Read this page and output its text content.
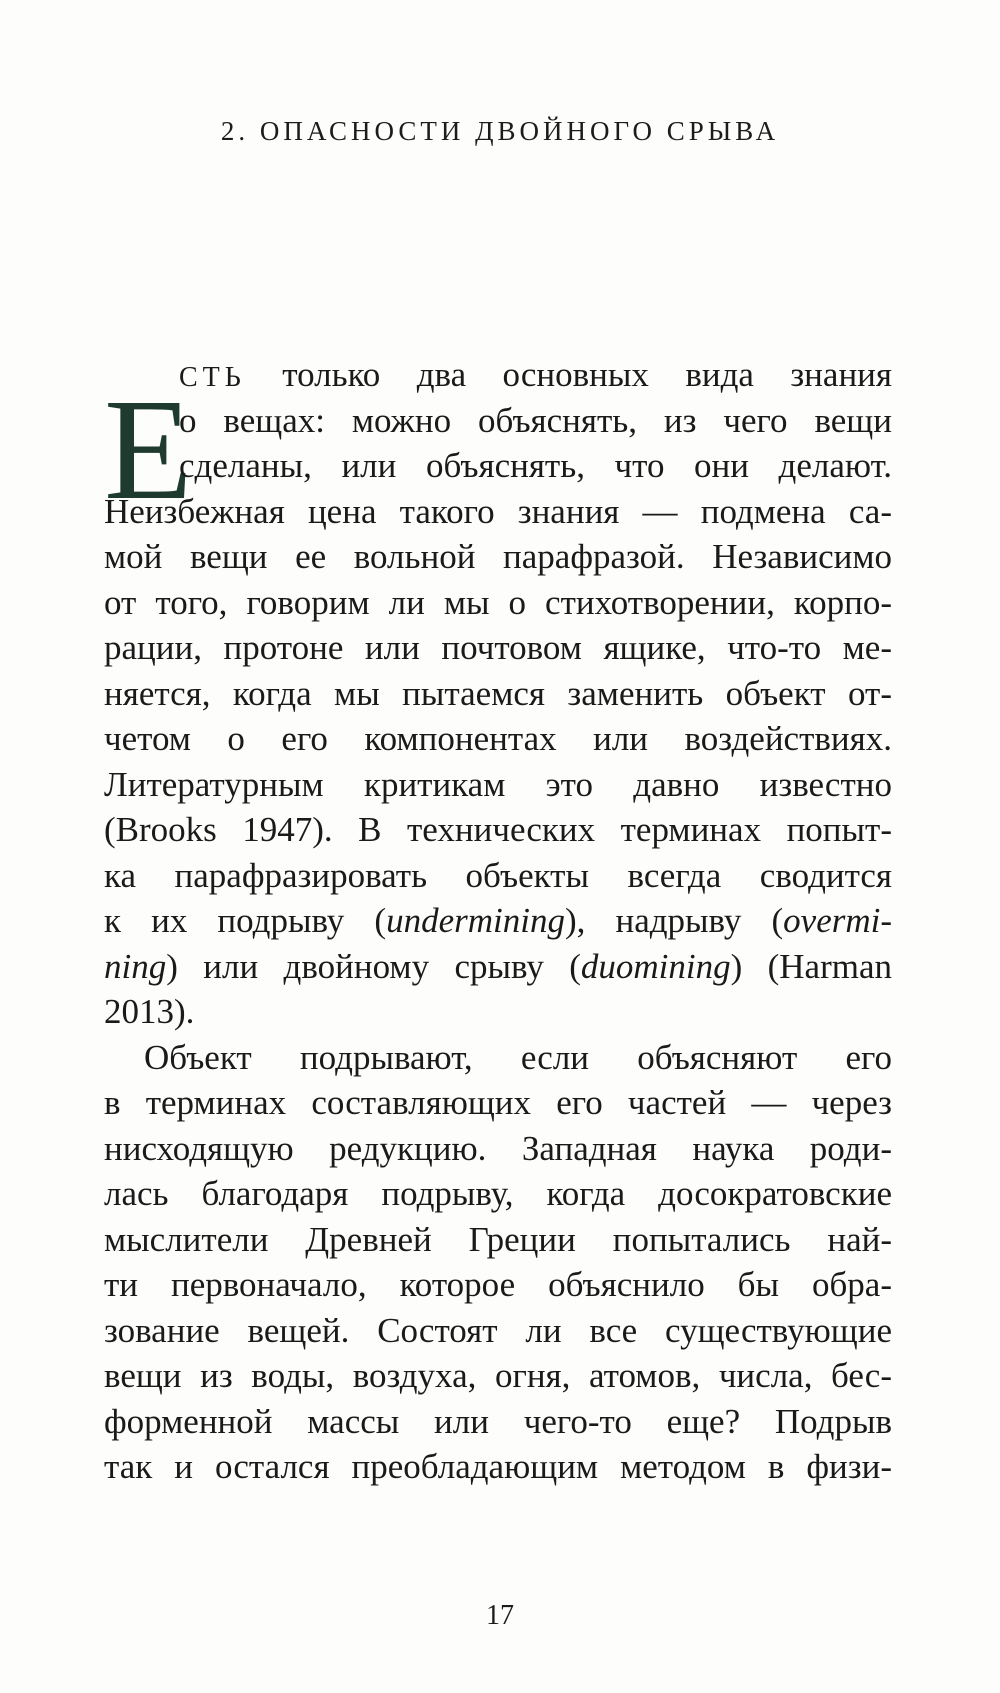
2. ОПАСНОСТИ ДВОЙНОГО СРЫВА
Е
СТЬ только два основных вида знания
о вещах: можно объяснять, из чего вещи
сделаны, или объяснять, что они делают.
Неизбежная цена такого знания — подмена са-
мой вещи ее вольной парафразой. Независимо
от того, говорим ли мы о стихотворении, корпо-
рации, протоне или почтовом ящике, что-то ме-
няется, когда мы пытаемся заменить объект от-
четом о его компонентах или воздействиях.
Литературным критикам это давно известно
(Brooks 1947). В технических терминах попыт-
ка парафразировать объекты всегда сводится
к их подрыву (undermining), надрыву (overmi-
ning) или двойному срыву (duomining) (Harman
2013).
Объект подрывают, если объясняют его
в терминах составляющих его частей — через
нисходящую редукцию. Западная наука роди-
лась благодаря подрыву, когда досократовские
мыслители Древней Греции попытались най-
ти первоначало, которое объяснило бы обра-
зование вещей. Состоят ли все существующие
вещи из воды, воздуха, огня, атомов, числа, бес-
форменной массы или чего-то еще? Подрыв
так и остался преобладающим методом в физи-
17
